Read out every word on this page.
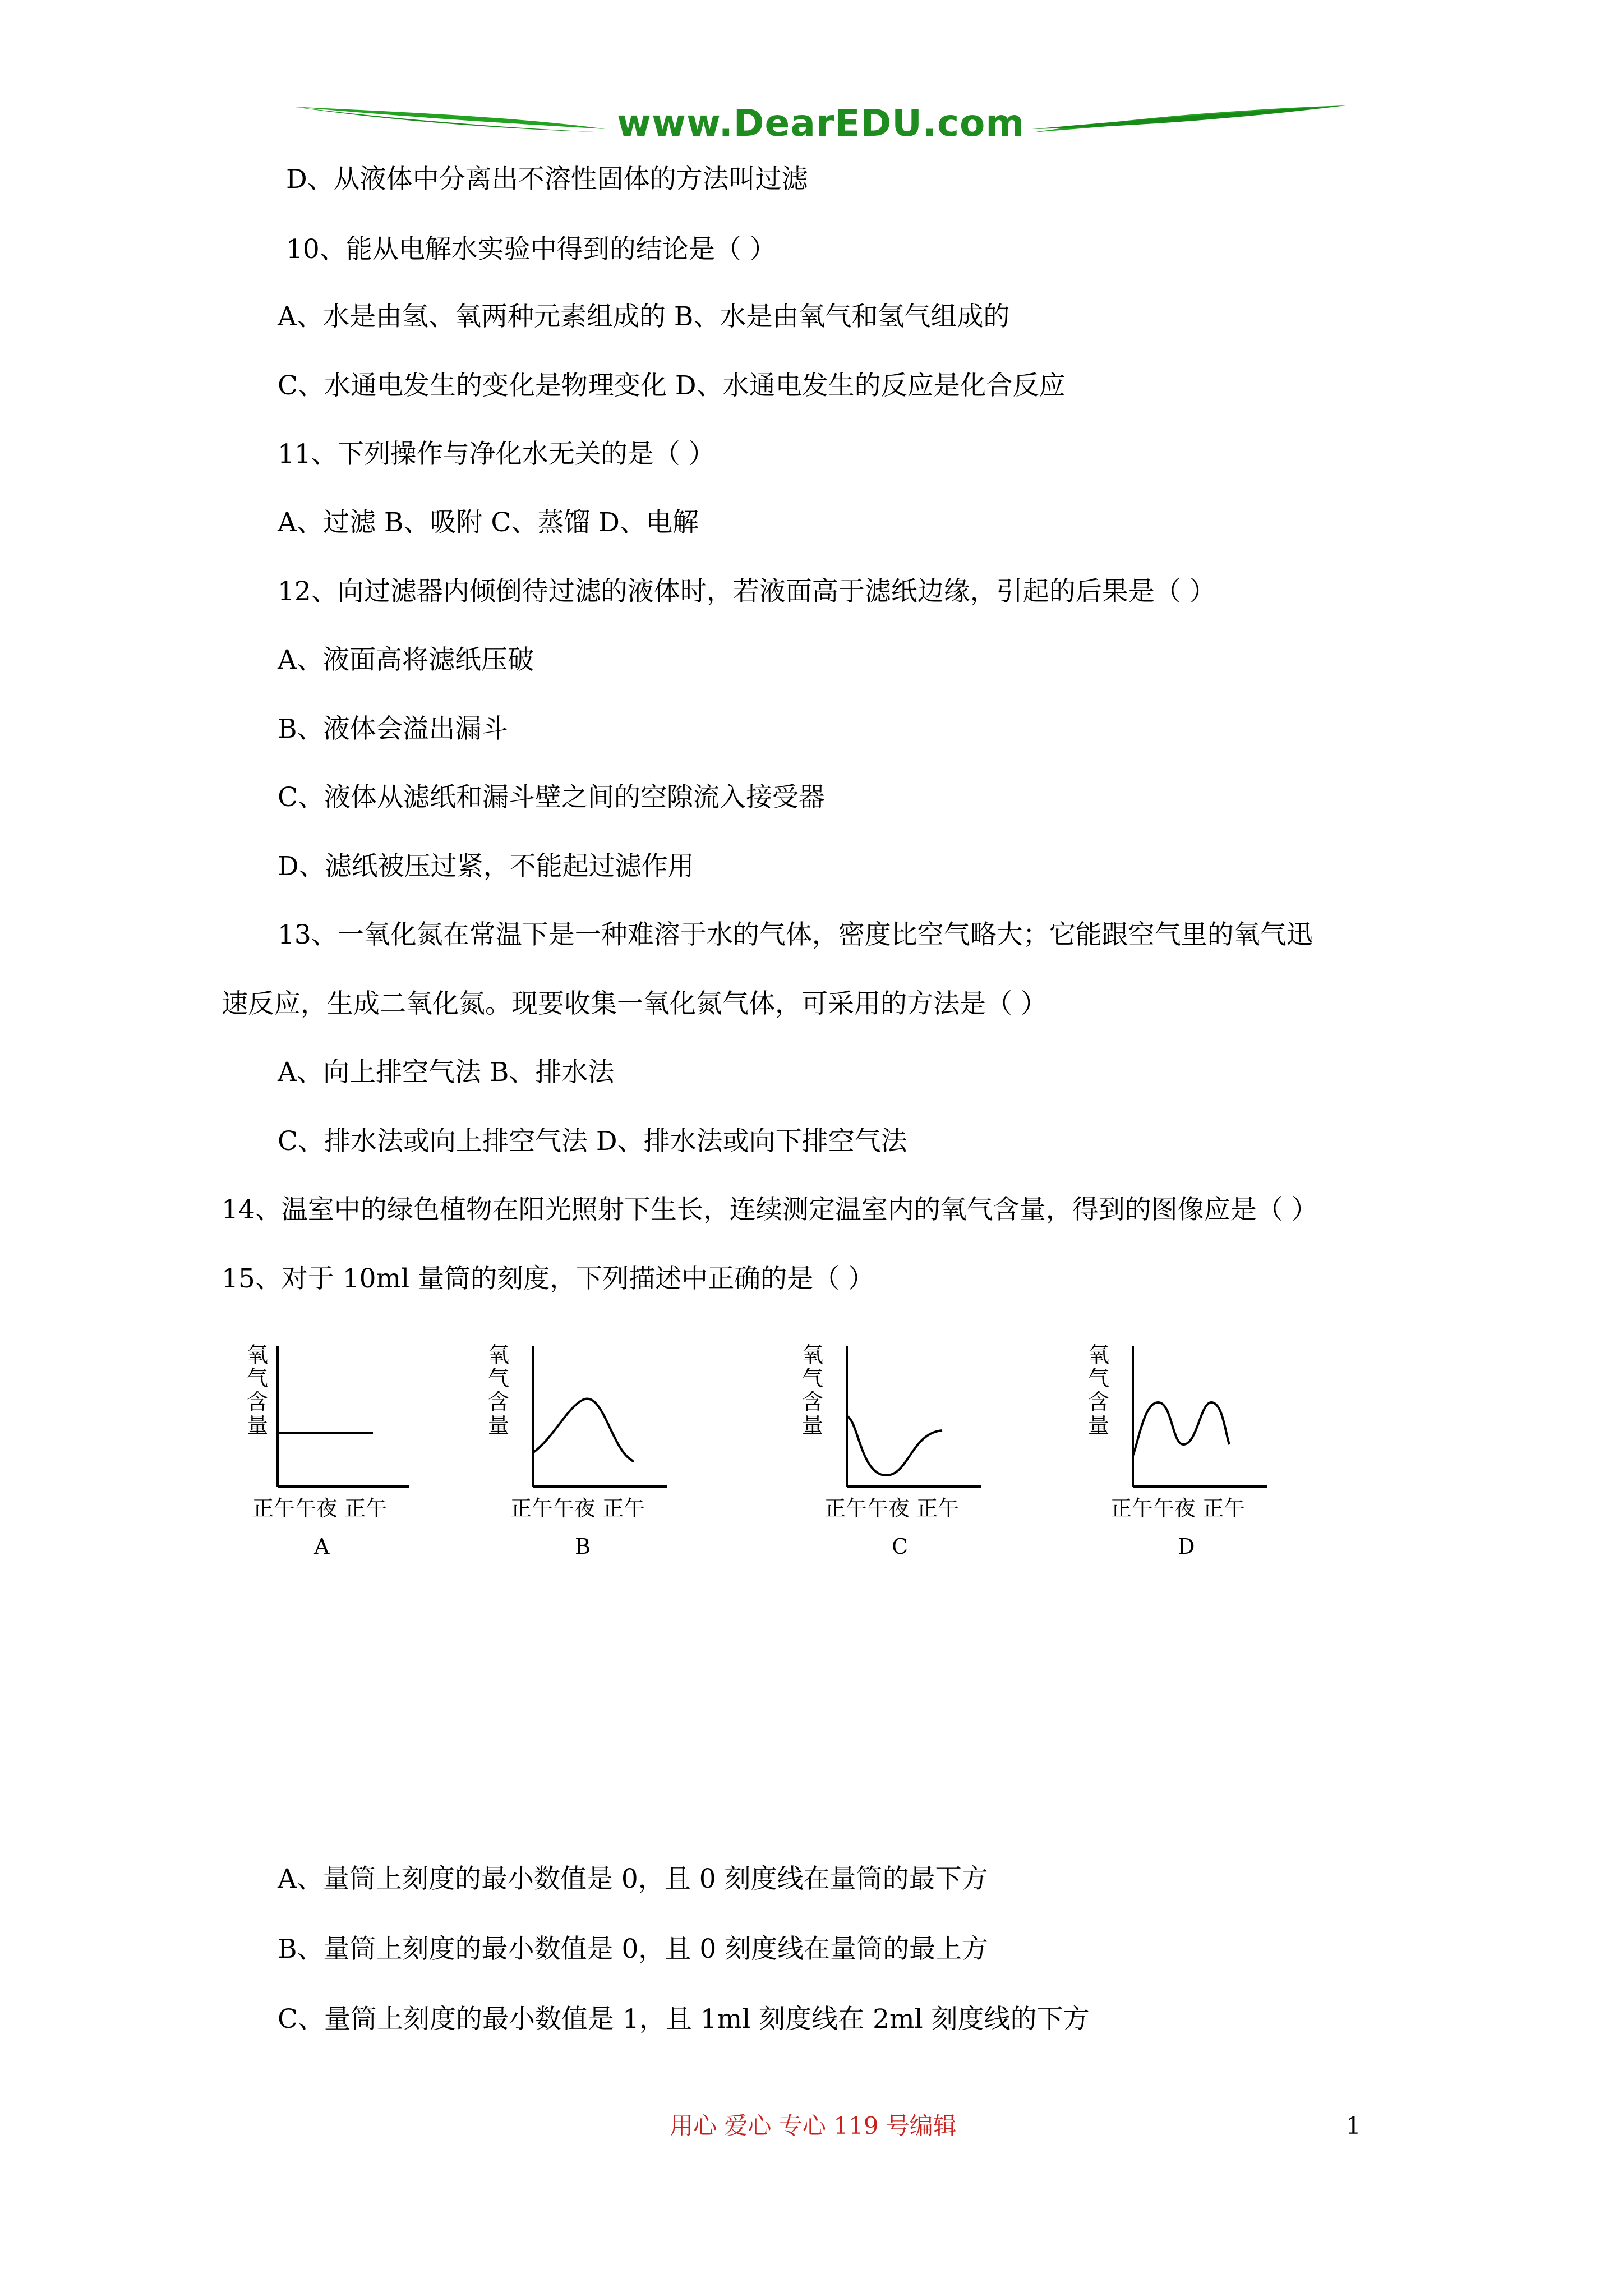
www.DearEDU.com
D、从液体中分离出不溶性固体的方法叫过滤
10、能从电解水实验中得到的结论是（ ）
A、水是由氢、氧两种元素组成的 B、水是由氧气和氢气组成的
C、水通电发生的变化是物理变化 D、水通电发生的反应是化合反应
11、下列操作与净化水无关的是（ ）
A、过滤 B、吸附 C、蒸馏 D、电解
12、向过滤器内倾倒待过滤的液体时，若液面高于滤纸边缘，引起的后果是（ ）
A、液面高将滤纸压破
B、液体会溢出漏斗
C、液体从滤纸和漏斗壁之间的空隙流入接受器
D、滤纸被压过紧，不能起过滤作用
13、一氧化氮在常温下是一种难溶于水的气体，密度比空气略大；它能跟空气里的氧气迅
速反应，生成二氧化氮。现要收集一氧化氮气体，可采用的方法是（ ）
A、向上排空气法 B、排水法
C、排水法或向上排空气法 D、排水法或向下排空气法
14、温室中的绿色植物在阳光照射下生长，连续测定温室内的氧气含量，得到的图像应是（ ）
15、对于 10ml 量筒的刻度，下列描述中正确的是（ ）
氧
气
含
量
正午午夜 正午
A
氧
气
含
量
正午午夜 正午
B
氧
气
含
量
正午午夜 正午
C
氧
气
含
量
正午午夜 正午
D
A、量筒上刻度的最小数值是 0，且 0 刻度线在量筒的最下方
B、量筒上刻度的最小数值是 0，且 0 刻度线在量筒的最上方
C、量筒上刻度的最小数值是 1，且 1ml 刻度线在 2ml 刻度线的下方
用心 爱心 专心 119 号编辑	1
